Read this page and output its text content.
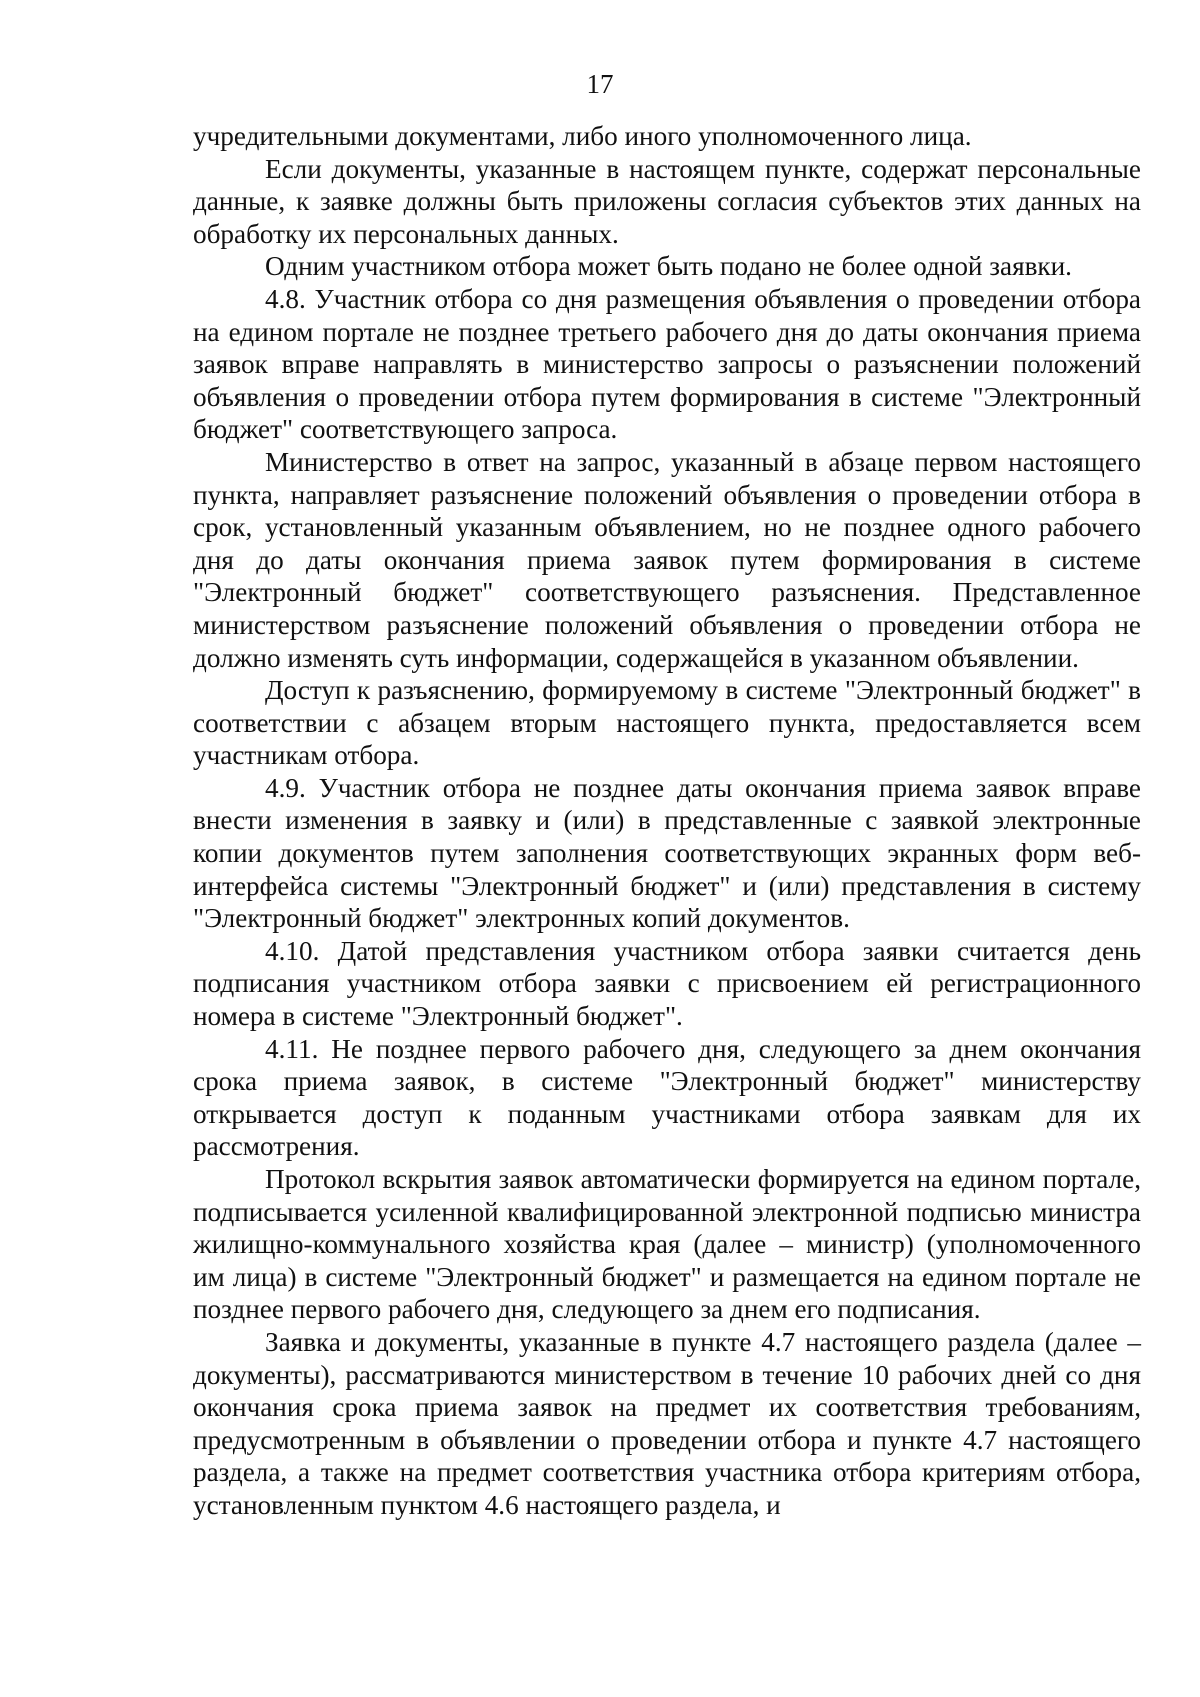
17

учредительными документами, либо иного уполномоченного лица.

Если документы, указанные в настоящем пункте, содержат персональные данные, к заявке должны быть приложены согласия субъектов этих данных на обработку их персональных данных.

Одним участником отбора может быть подано не более одной заявки.

4.8. Участник отбора со дня размещения объявления о проведении отбора на едином портале не позднее третьего рабочего дня до даты окончания приема заявок вправе направлять в министерство запросы о разъяснении положений объявления о проведении отбора путем формирования в системе "Электронный бюджет" соответствующего запроса.

Министерство в ответ на запрос, указанный в абзаце первом настоящего пункта, направляет разъяснение положений объявления о проведении отбора в срок, установленный указанным объявлением, но не позднее одного рабочего дня до даты окончания приема заявок путем формирования в системе "Электронный бюджет" соответствующего разъяснения. Представленное министерством разъяснение положений объявления о проведении отбора не должно изменять суть информации, содержащейся в указанном объявлении.

Доступ к разъяснению, формируемому в системе "Электронный бюджет" в соответствии с абзацем вторым настоящего пункта, предоставляется всем участникам отбора.

4.9. Участник отбора не позднее даты окончания приема заявок вправе внести изменения в заявку и (или) в представленные с заявкой электронные копии документов путем заполнения соответствующих экранных форм веб-интерфейса системы "Электронный бюджет" и (или) представления в систему "Электронный бюджет" электронных копий документов.

4.10. Датой представления участником отбора заявки считается день подписания участником отбора заявки с присвоением ей регистрационного номера в системе "Электронный бюджет".

4.11. Не позднее первого рабочего дня, следующего за днем окончания срока приема заявок, в системе "Электронный бюджет" министерству открывается доступ к поданным участниками отбора заявкам для их рассмотрения.

Протокол вскрытия заявок автоматически формируется на едином портале, подписывается усиленной квалифицированной электронной подписью министра жилищно-коммунального хозяйства края (далее – министр) (уполномоченного им лица) в системе "Электронный бюджет" и размещается на едином портале не позднее первого рабочего дня, следующего за днем его подписания.

Заявка и документы, указанные в пункте 4.7 настоящего раздела (далее – документы), рассматриваются министерством в течение 10 рабочих дней со дня окончания срока приема заявок на предмет их соответствия требованиям, предусмотренным в объявлении о проведении отбора и пункте 4.7 настоящего раздела, а также на предмет соответствия участника отбора критериям отбора, установленным пунктом 4.6 настоящего раздела, и
